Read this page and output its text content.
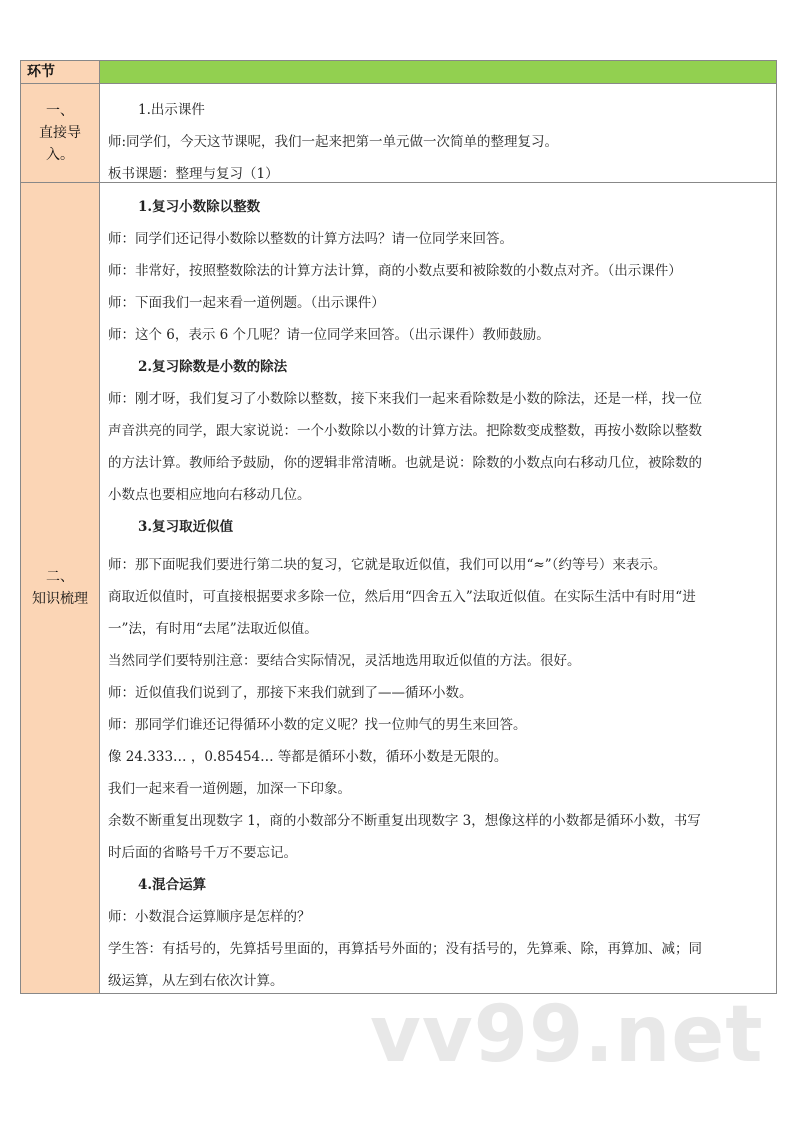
环节
一、
直接导入。

1.出示课件

师:同学们，今天这节课呢，我们一起来把第一单元做一次简单的整理复习。

板书课题：整理与复习（1）

二、
知识梳理

1.复习小数除以整数

师：同学们还记得小数除以整数的计算方法吗？请一位同学来回答。

师：非常好，按照整数除法的计算方法计算，商的小数点要和被除数的小数点对齐。（出示课件）

师：下面我们一起来看一道例题。（出示课件）

师：这个 6，表示 6 个几呢？请一位同学来回答。（出示课件）教师鼓励。

2.复习除数是小数的除法

师：刚才呀，我们复习了小数除以整数，接下来我们一起来看除数是小数的除法，还是一样，找一位

声音洪亮的同学，跟大家说说：一个小数除以小数的计算方法。把除数变成整数，再按小数除以整数

的方法计算。教师给予鼓励，你的逻辑非常清晰。也就是说：除数的小数点向右移动几位，被除数的

小数点也要相应地向右移动几位。

3.复习取近似值

师：那下面呢我们要进行第二块的复习，它就是取近似值，我们可以用“≈”（约等号）来表示。

商取近似值时，可直接根据要求多除一位，然后用“四舍五入”法取近似值。在实际生活中有时用“进

一”法，有时用“去尾”法取近似值。

当然同学们要特别注意：要结合实际情况，灵活地选用取近似值的方法。很好。

师：近似值我们说到了，那接下来我们就到了——循环小数。

师：那同学们谁还记得循环小数的定义呢？找一位帅气的男生来回答。

像 24.333… ，0.85454… 等都是循环小数，循环小数是无限的。

我们一起来看一道例题，加深一下印象。

余数不断重复出现数字 1，商的小数部分不断重复出现数字 3，想像这样的小数都是循环小数，书写

时后面的省略号千万不要忘记。

4.混合运算

师：小数混合运算顺序是怎样的？

学生答：有括号的，先算括号里面的，再算括号外面的；没有括号的，先算乘、除，再算加、减；同

级运算，从左到右依次计算。

vv99.net
